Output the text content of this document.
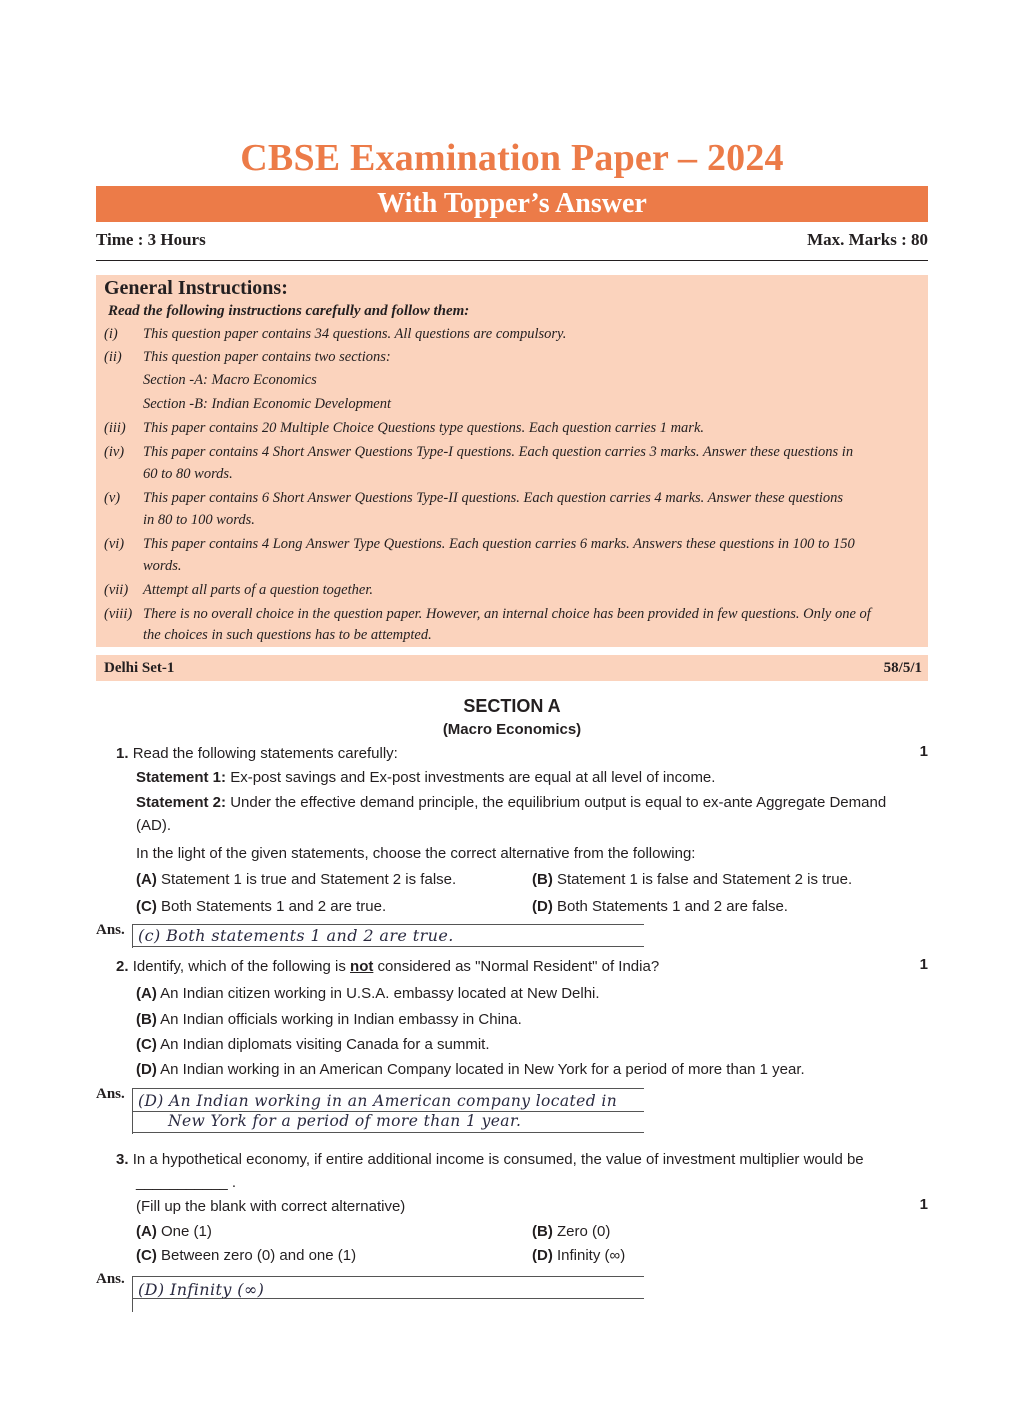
CBSE Examination Paper – 2024
With Topper’s Answer
Time : 3 Hours	Max. Marks : 80
General Instructions:
Read the following instructions carefully and follow them:
(i)	This question paper contains 34 questions. All questions are compulsory.
(ii)	This question paper contains two sections:
Section -A: Macro Economics
Section -B: Indian Economic Development
(iii)	This paper contains 20 Multiple Choice Questions type questions. Each question carries 1 mark.
(iv)	This paper contains 4 Short Answer Questions Type-I questions. Each question carries 3 marks. Answer these questions in
60 to 80 words.
(v)	This paper contains 6 Short Answer Questions Type-II questions. Each question carries 4 marks. Answer these questions
in 80 to 100 words.
(vi)	This paper contains 4 Long Answer Type Questions. Each question carries 6 marks. Answers these questions in 100 to 150
words.
(vii)	Attempt all parts of a question together.
(viii) There is no overall choice in the question paper. However, an internal choice has been provided in few questions. Only one of
the choices in such questions has to be attempted.
Delhi Set-1	58/5/1
SECTION A
(Macro Economics)
1. Read the following statements carefully:	1
Statement 1: Ex-post savings and Ex-post investments are equal at all level of income.
Statement 2: Under the effective demand principle, the equilibrium output is equal to ex-ante Aggregate Demand
(AD).
In the light of the given statements, choose the correct alternative from the following:
(A) Statement 1 is true and Statement 2 is false.	(B) Statement 1 is false and Statement 2 is true.
(C) Both Statements 1 and 2 are true.	(D) Both Statements 1 and 2 are false.
Ans. (c) Both statements 1 and 2 are true.
2. Identify, which of the following is not considered as "Normal Resident" of India?	1
(A) An Indian citizen working in U.S.A. embassy located at New Delhi.
(B) An Indian officials working in Indian embassy in China.
(C) An Indian diplomats visiting Canada for a summit.
(D) An Indian working in an American Company located in New York for a period of more than 1 year.
Ans. (D) An Indian working in an American company located in
New York for a period of more than 1 year.
3. In a hypothetical economy, if entire additional income is consumed, the value of investment multiplier would be
___________ .
(Fill up the blank with correct alternative)	1
(A) One (1)	(B) Zero (0)
(C) Between zero (0) and one (1)	(D) Infinity (∞)
Ans.
(D) Infinity (∞)
